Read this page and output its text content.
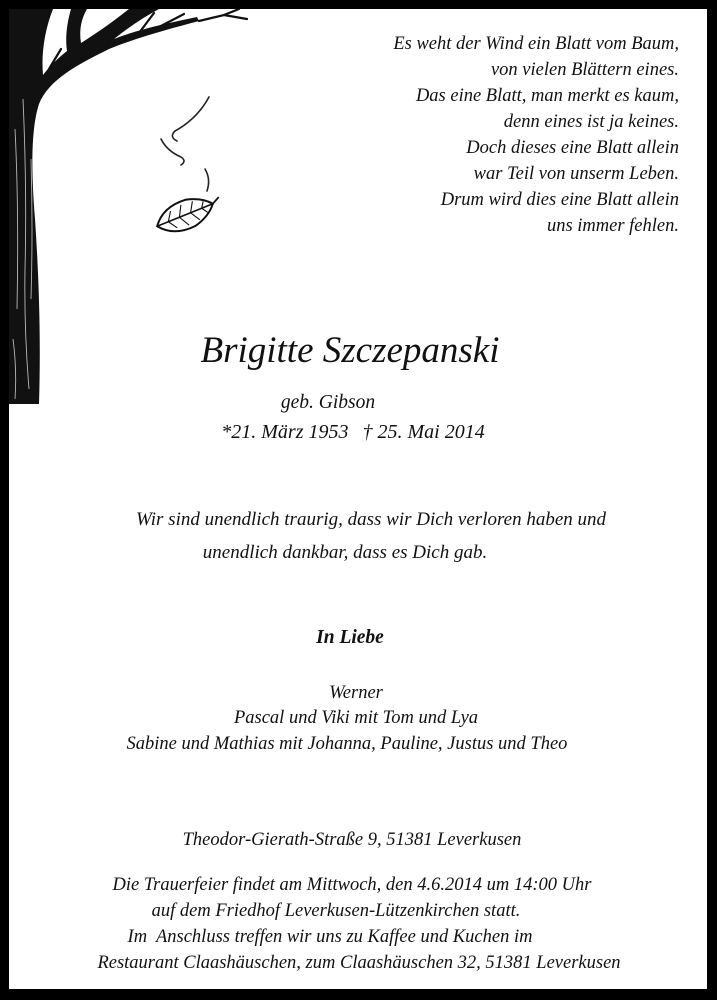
Es weht der Wind ein Blatt vom Baum,
von vielen Blättern eines.
Das eine Blatt, man merkt es kaum,
denn eines ist ja keines.
Doch dieses eine Blatt allein
war Teil von unserm Leben.
Drum wird dies eine Blatt allein
uns immer fehlen.
Brigitte Szczepanski
geb. Gibson
*21. März 1953 † 25. Mai 2014
Wir sind unendlich traurig, dass wir Dich verloren haben und
unendlich dankbar, dass es Dich gab.
In Liebe
Werner
Pascal und Viki mit Tom und Lya
Sabine und Mathias mit Johanna, Pauline, Justus und Theo
Theodor-Gierath-Straße 9, 51381 Leverkusen
Die Trauerfeier findet am Mittwoch, den 4.6.2014 um 14:00 Uhr
auf dem Friedhof Leverkusen-Lützenkirchen statt.
Im  Anschluss treffen wir uns zu Kaffee und Kuchen im
Restaurant Claashäuschen, zum Claashäuschen 32, 51381 Leverkusen
